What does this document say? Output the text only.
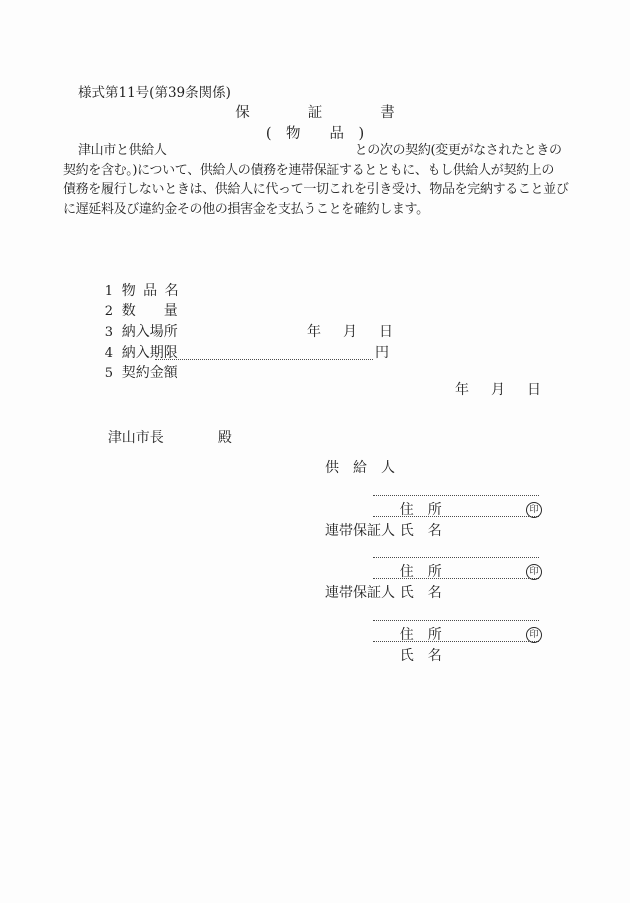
様式第11号(第39条関係)
保　　　　証　　　　書
(　物　　品　)
津山市と供給人	との次の契約(変更がなされたときの
契約を含む。)について、供給人の債務を連帯保証するとともに、もし供給人が契約上の
債務を履行しないときは、供給人に代って一切これを引き受け、物品を完納すること並び
に遅延料及び違約金その他の損害金を支払うことを確約します。

1 物 品 名

2 数　　量

3 納入場所

4 納入期限

年　月　日

5 契約金額

円

年　月　日

津山市長	殿

供　給　人

住　所

氏　名

印

連帯保証人

住　所

氏　名

印

連帯保証人

住　所

氏　名

印
